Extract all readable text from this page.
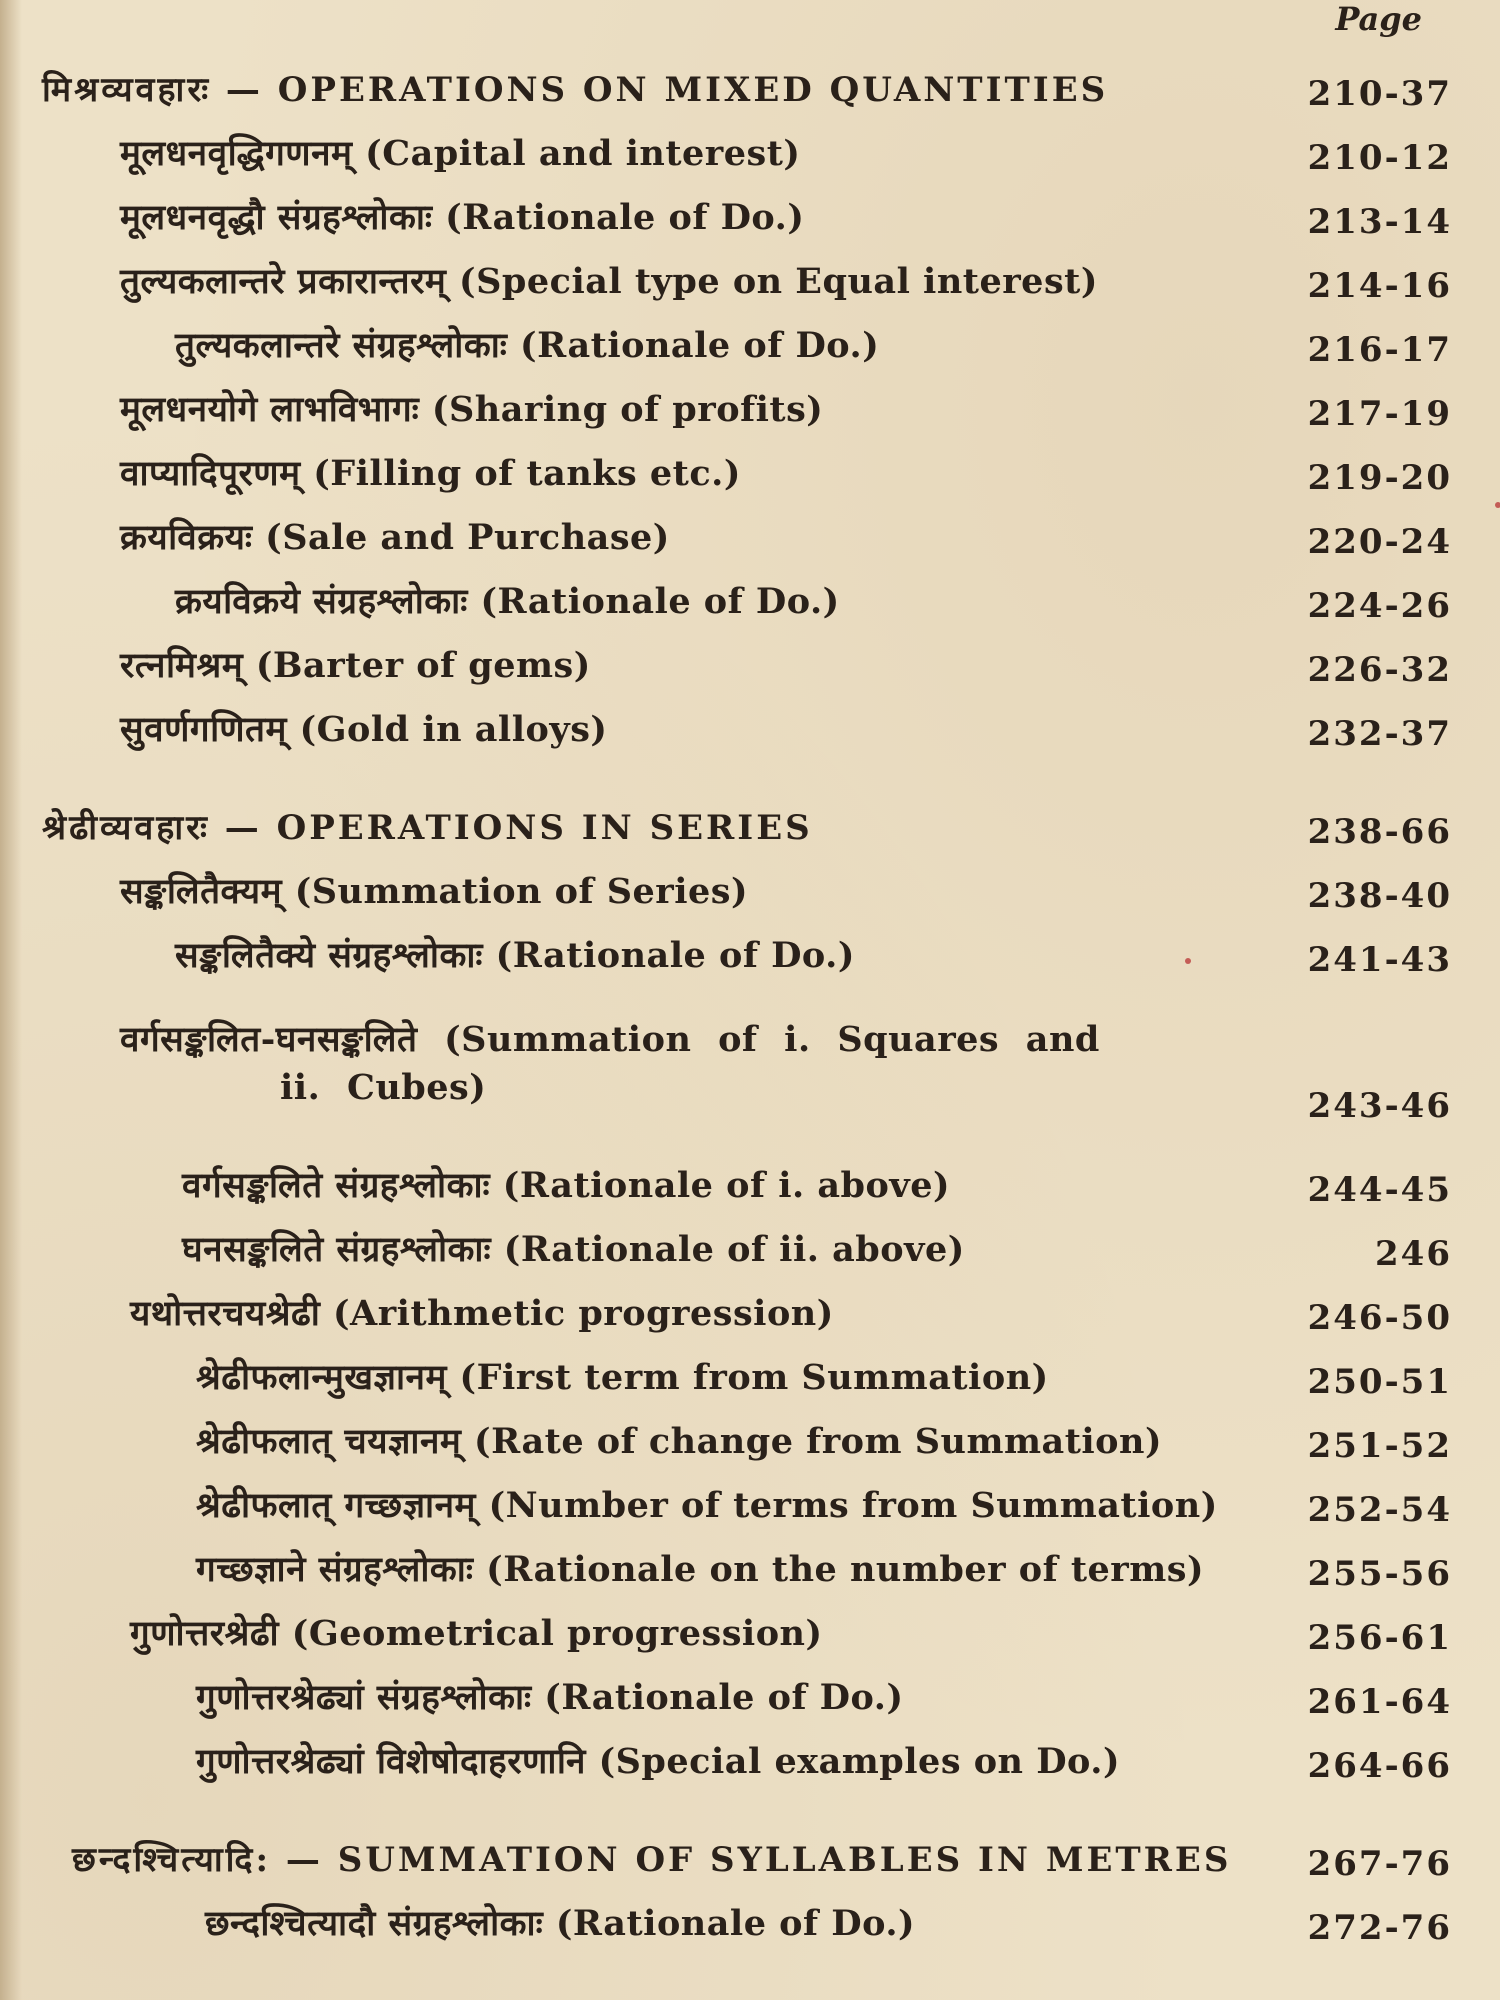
Page
मिश्रव्यवहारः — OPERATIONS ON MIXED QUANTITIES	210-37
मूलधनवृद्धिगणनम् (Capital and interest)	210-12
मूलधनवृद्धौ संग्रहश्लोकाः (Rationale of Do.)	213-14
तुल्यकलान्तरे प्रकारान्तरम् (Special type on Equal interest)	214-16
तुल्यकलान्तरे संग्रहश्लोकाः (Rationale of Do.)	216-17
मूलधनयोगे लाभविभागः (Sharing of profits)	217-19
वाप्यादिपूरणम् (Filling of tanks etc.)	219-20
क्रयविक्रयः (Sale and Purchase)	220-24
क्रयविक्रये संग्रहश्लोकाः (Rationale of Do.)	224-26
रत्नमिश्रम् (Barter of gems)	226-32
सुवर्णगणितम् (Gold in alloys)	232-37
श्रेढीव्यवहारः — OPERATIONS IN SERIES	238-66
सङ्कलितैक्यम् (Summation of Series)	238-40
सङ्कलितैक्ये संग्रहश्लोकाः (Rationale of Do.)	241-43
वर्गसङ्कलित-घनसङ्कलिते (Summation of i. Squares and
ii. Cubes)	243-46
वर्गसङ्कलिते संग्रहश्लोकाः (Rationale of i. above)	244-45
घनसङ्कलिते संग्रहश्लोकाः (Rationale of ii. above)	246
यथोत्तरचयश्रेढी (Arithmetic progression)	246-50
श्रेढीफलान्मुखज्ञानम् (First term from Summation)	250-51
श्रेढीफलात् चयज्ञानम् (Rate of change from Summation)	251-52
श्रेढीफलात् गच्छज्ञानम् (Number of terms from Summation)	252-54
गच्छज्ञाने संग्रहश्लोकाः (Rationale on the number of terms)	255-56
गुणोत्तरश्रेढी (Geometrical progression)	256-61
गुणोत्तरश्रेढ्यां संग्रहश्लोकाः (Rationale of Do.)	261-64
गुणोत्तरश्रेढ्यां विशेषोदाहरणानि (Special examples on Do.)	264-66
छन्दश्चित्यादि: — SUMMATION OF SYLLABLES IN METRES 267-76
छन्दश्चित्यादौ संग्रहश्लोकाः (Rationale of Do.)	272-76
